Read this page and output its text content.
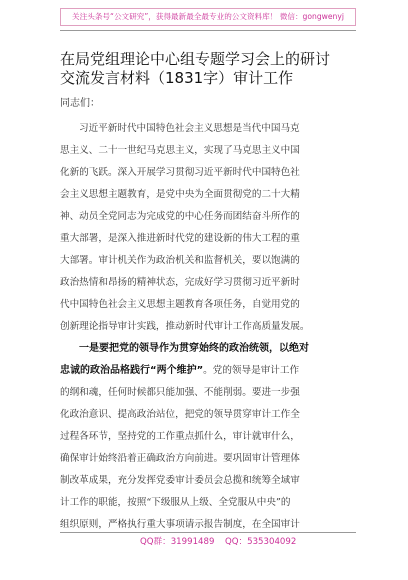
关注头条号“公文研究”，获得最新最全最专业的公文资料库！ 微信：gongwenyj
在局党组理论中心组专题学习会上的研讨
交流发言材料（1831字）审计工作
同志们：
习近平新时代中国特色社会主义思想是当代中国马克
思主义、二十一世纪马克思主义，实现了马克思主义中国
化新的飞跃。深入开展学习贯彻习近平新时代中国特色社
会主义思想主题教育，是党中央为全面贯彻党的二十大精
神、动员全党同志为完成党的中心任务而团结奋斗所作的
重大部署，是深入推进新时代党的建设新的伟大工程的重
大部署。审计机关作为政治机关和监督机关，要以饱满的
政治热情和昂扬的精神状态，完成好学习贯彻习近平新时
代中国特色社会主义思想主题教育各项任务，自觉用党的
创新理论指导审计实践，推动新时代审计工作高质量发展。
一是要把党的领导作为贯穿始终的政治统领，以绝对
忠诚的政治品格践行“两个维护”。党的领导是审计工作
的纲和魂，任何时候都只能加强、不能削弱。要进一步强
化政治意识、提高政治站位，把党的领导贯穿审计工作全
过程各环节，坚持党的工作重点抓什么，审计就审什么，
确保审计始终沿着正确政治方向前进。要巩固审计管理体
制改革成果，充分发挥党委审计委员会总揽和统筹全域审
计工作的职能，按照“下级服从上级、全党服从中央”的
组织原则，严格执行重大事项请示报告制度，在全国审计
QQ群：31991489 QQ：535304092
